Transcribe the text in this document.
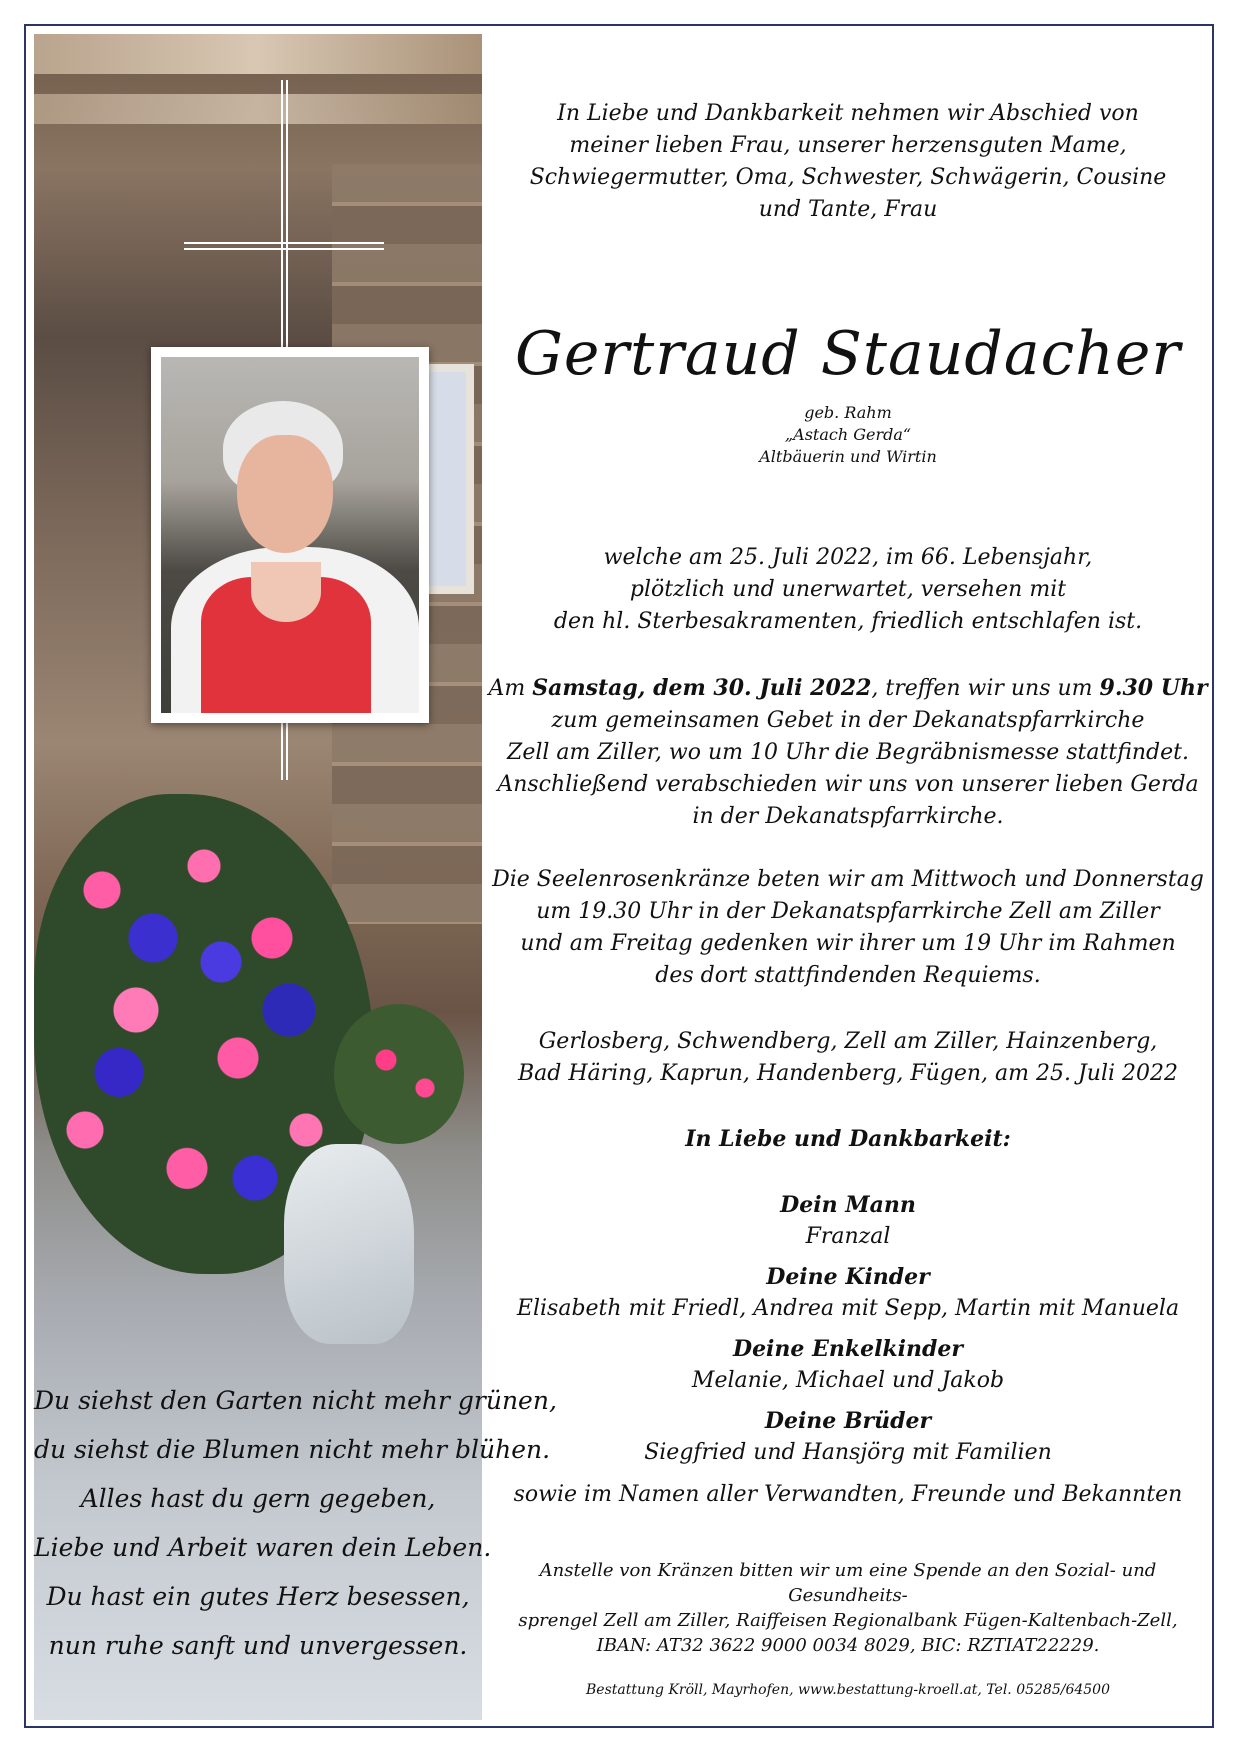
Du siehst den Garten nicht mehr grünen,
du siehst die Blumen nicht mehr blühen.
Alles hast du gern gegeben,
Liebe und Arbeit waren dein Leben.
Du hast ein gutes Herz besessen,
nun ruhe sanft und unvergessen.
In Liebe und Dankbarkeit nehmen wir Abschied von
meiner lieben Frau, unserer herzensguten Mame,
Schwiegermutter, Oma, Schwester, Schwägerin, Cousine
und Tante, Frau
Gertraud Staudacher
geb. Rahm
„Astach Gerda“
Altbäuerin und Wirtin
welche am 25. Juli 2022, im 66. Lebensjahr,
plötzlich und unerwartet, versehen mit
den hl. Sterbesakramenten, friedlich entschlafen ist.
Am Samstag, dem 30. Juli 2022, treffen wir uns um 9.30 Uhr
zum gemeinsamen Gebet in der Dekanatspfarrkirche
Zell am Ziller, wo um 10 Uhr die Begräbnismesse stattfindet.
Anschließend verabschieden wir uns von unserer lieben Gerda
in der Dekanatspfarrkirche.
Die Seelenrosenkränze beten wir am Mittwoch und Donnerstag
um 19.30 Uhr in der Dekanatspfarrkirche Zell am Ziller
und am Freitag gedenken wir ihrer um 19 Uhr im Rahmen
des dort stattfindenden Requiems.
Gerlosberg, Schwendberg, Zell am Ziller, Hainzenberg,
Bad Häring, Kaprun, Handenberg, Fügen, am 25. Juli 2022
In Liebe und Dankbarkeit:
Dein Mann
Franzal
Deine Kinder
Elisabeth mit Friedl, Andrea mit Sepp, Martin mit Manuela
Deine Enkelkinder
Melanie, Michael und Jakob
Deine Brüder
Siegfried und Hansjörg mit Familien
sowie im Namen aller Verwandten, Freunde und Bekannten
Anstelle von Kränzen bitten wir um eine Spende an den Sozial- und Gesundheits-
sprengel Zell am Ziller, Raiffeisen Regionalbank Fügen-Kaltenbach-Zell,
IBAN: AT32 3622 9000 0034 8029, BIC: RZTIAT22229.
Bestattung Kröll, Mayrhofen, www.bestattung-kroell.at, Tel. 05285/64500
